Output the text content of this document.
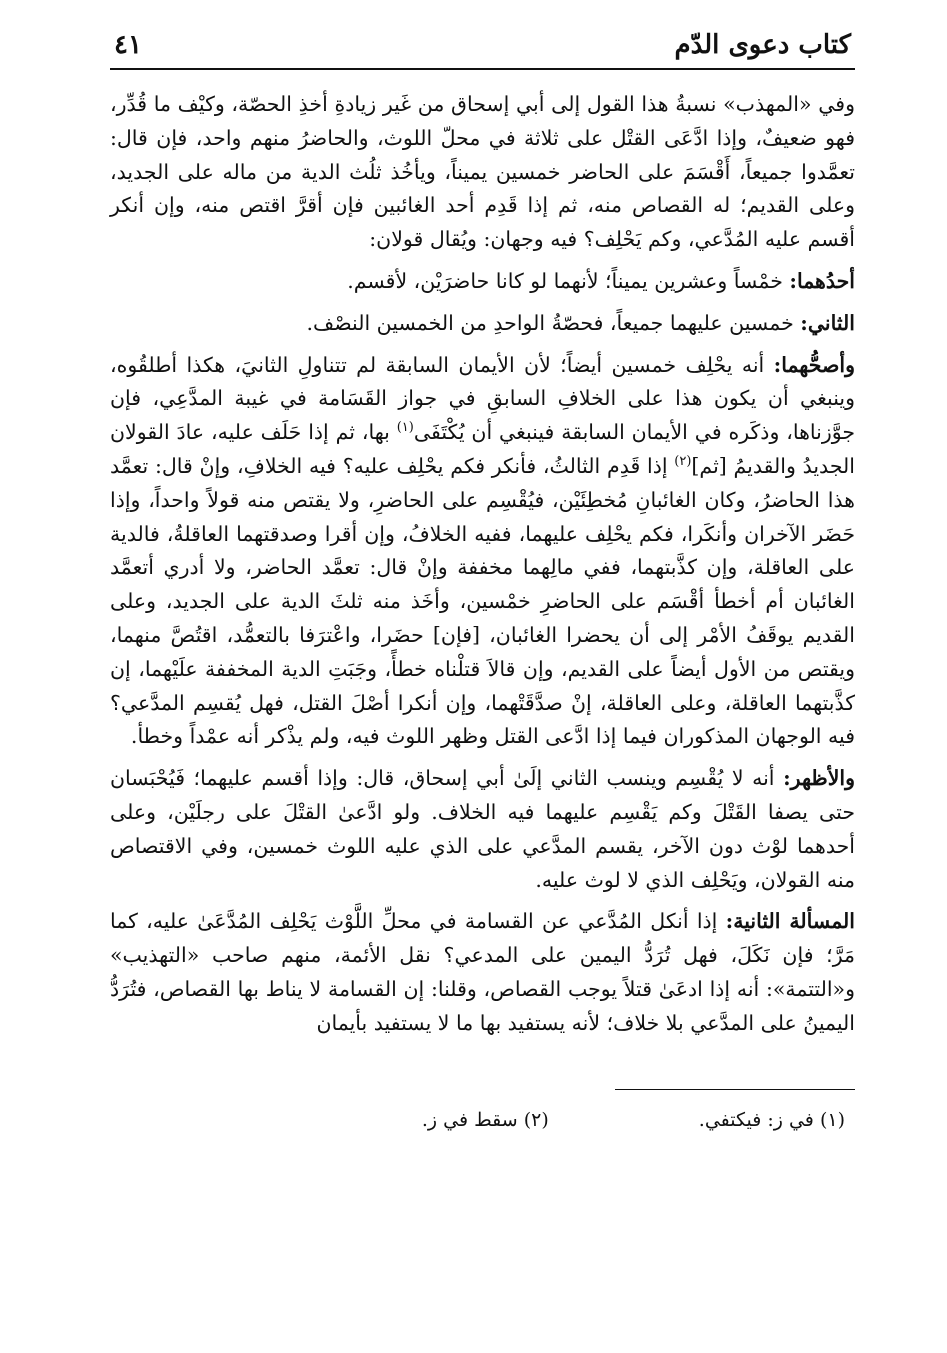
كتاب دعوى الدّم
٤١

وفي «المهذب» نسبةُ هذا القول إلى أبي إسحاق من غَير زيادةِ أخذِ الحصّة، وكيْف ما قُدِّر، فهو ضعيفٌ، وإذا ادَّعَى القتْل على ثلاثة في محلّ اللوث، والحاضرُ منهم واحد، فإن قال: تعمَّدوا جميعاً، أَقْسَمَ على الحاضر خمسين يميناً، ويأخُذ ثلُث الدية من ماله على الجديد، وعلى القديم؛ له القصاص منه، ثم إذا قَدِم أحد الغائبين فإن أقرَّ اقتص منه، وإن أنكر أقسم عليه المُدَّعي، وكم يَحْلِف؟ فيه وجهان: ويُقال قولان:

أحدُهما: خمْساً وعشرين يميناً؛ لأنهما لو كانا حاضرَيْن، لأقسم.

الثاني: خمسين عليهما جميعاً، فحصّةُ الواحدِ من الخمسين النصْف.

وأصحُّهما: أنه يحْلِف خمسين أيضاً؛ لأن الأيمان السابقة لم تتناولِ الثانيَ، هكذا أطلقُوه، وينبغي أن يكون هذا على الخلافِ السابقِ في جواز القَسَامة في غيبة المدَّعِي، فإن جوَّزناها، وذكَره في الأيمان السابقة فينبغي أن يُكْتَفَى$^{(١)}$ بها، ثم إذا حَلَف عليه، عادَ القولان الجديدُ والقديمُ [ثم]$^{(٢)}$ إذا قَدِم الثالثُ، فأنكر فكم يحْلِف عليه؟ فيه الخلافِ، وإنْ قال: تعمَّد هذا الحاضرُ، وكان الغائبانِ مُخطِئَيْن، فيُقْسِم على الحاضرِ، ولا يقتص منه قولاً واحداً، وإذا حَضَر الآخران وأنكَرا، فكم يحْلِف عليهما، ففيه الخلافُ، وإن أقرا وصدقتهما العاقلةُ، فالدية على العاقلة، وإن كذَّبتهما، ففي مالِهما مخففة وإنْ قال: تعمَّد الحاضر، ولا أدري أتعمَّد الغائبان أم أخطأ أقْسَم على الحاضرِ خمْسين، وأخَذ منه ثلثَ الدية على الجديد، وعلى القديم يوقَفُ الأمْر إلى أن يحضرا الغائبان، [فإن] حضَرا، واعْترَفا بالتعمُّد، اقتُصَّ منهما، ويقتص من الأول أيضاً على القديم، وإن قالاَ قتلْناه خطأً، وجَبَتِ الدية المخففة علَيْهما، إن كذَّبتهما العاقلة، وعلى العاقلة، إنْ صدَّقَتْهما، وإن أنكرا أصْلَ القتل، فهل يُقسِم المدَّعي؟ فيه الوجهان المذكوران فيما إذا ادَّعى القتل وظهر اللوث فيه، ولم يذْكر أنه عمْداً وخطأ.

والأظهر: أنه لا يُقْسِم وينسب الثاني إلَىٰ أبي إسحاق، قال: وإذا أقسم عليهما؛ فَيُحْبَسان حتى يصفا القَتْلَ وكم يَقْسِم عليهما فيه الخلاف. ولو ادَّعىٰ القتْلَ على رجلَيْن، وعلى أحدهما لوْث دون الآخر، يقسم المدَّعي على الذي عليه اللوث خمسين، وفي الاقتصاص منه القولان، ويَحْلِف الذي لا لوث عليه.

المسألة الثانية: إذا أنكل المُدَّعي عن القسامة في محلِّ اللَّوْث يَحْلِف المُدَّعَىٰ عليه، كما مَرَّ؛ فإن نَكَلَ، فهل تُرَدُّ اليمين على المدعي؟ نقل الأئمة، منهم صاحب «التهذيب» و«التتمة»: أنه إذا ادعَىٰ قتلاً يوجب القصاص، وقلنا: إن القسامة لا يناط بها القصاص، فتُرَدُّ اليمينُ على المدَّعي بلا خلاف؛ لأنه يستفيد بها ما لا يستفيد بأيمان

(١) في ز: فيكتفي.
(٢) سقط في ز.
